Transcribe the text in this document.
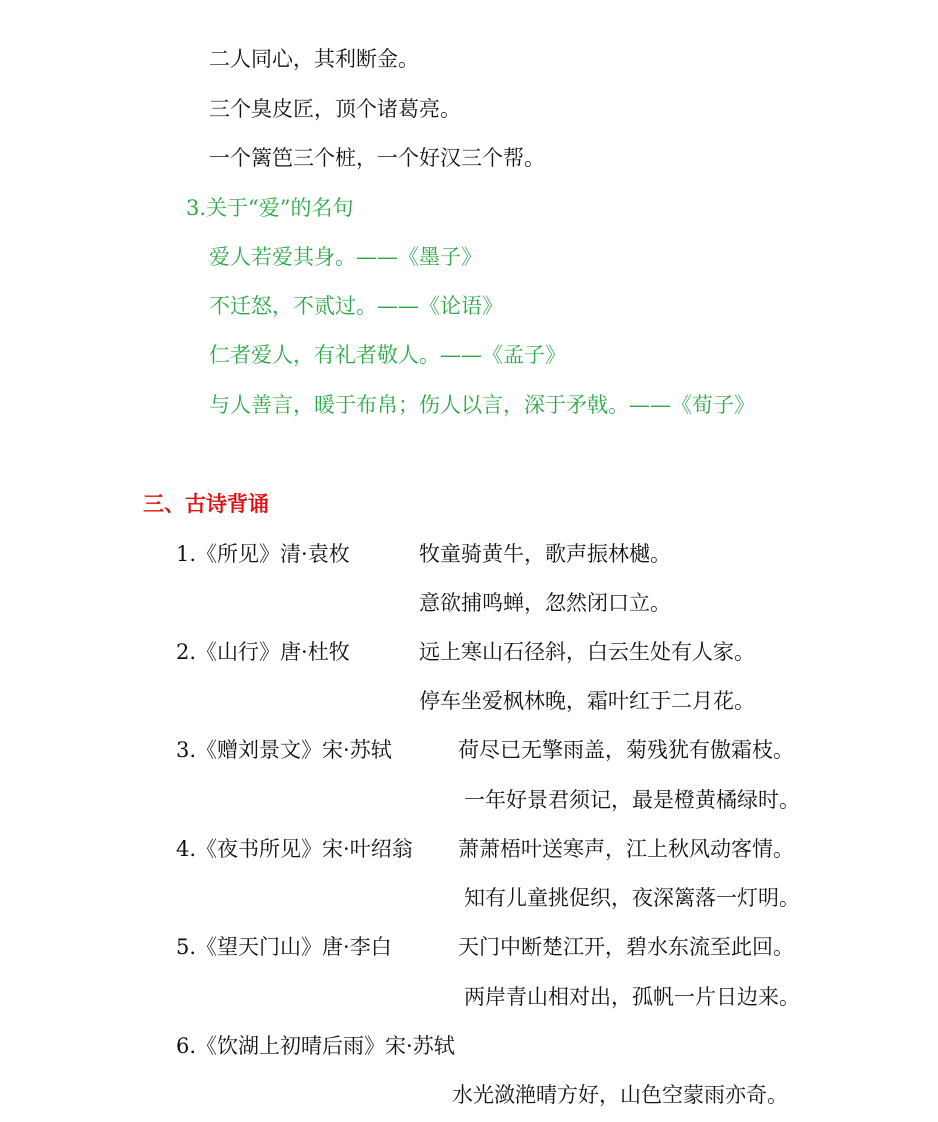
二人同心，其利断金。
三个臭皮匠，顶个诸葛亮。
一个篱笆三个桩，一个好汉三个帮。
3.关于“爱”的名句
爱人若爱其身。——《墨子》
不迁怒，不贰过。——《论语》
仁者爱人，有礼者敬人。——《孟子》
与人善言，暖于布帛；伤人以言，深于矛戟。——《荀子》
三、古诗背诵
1.《所见》清·袁枚	牧童骑黄牛，歌声振林樾。
意欲捕鸣蝉，忽然闭口立。
2.《山行》唐·杜牧	远上寒山石径斜，白云生处有人家。
停车坐爱枫林晚，霜叶红于二月花。
3.《赠刘景文》宋·苏轼	荷尽已无擎雨盖，菊残犹有傲霜枝。
一年好景君须记，最是橙黄橘绿时。
4.《夜书所见》宋·叶绍翁 萧萧梧叶送寒声，江上秋风动客情。
知有儿童挑促织，夜深篱落一灯明。
5.《望天门山》唐·李白	天门中断楚江开，碧水东流至此回。
两岸青山相对出，孤帆一片日边来。
6.《饮湖上初晴后雨》宋·苏轼
水光潋滟晴方好，山色空蒙雨亦奇。
